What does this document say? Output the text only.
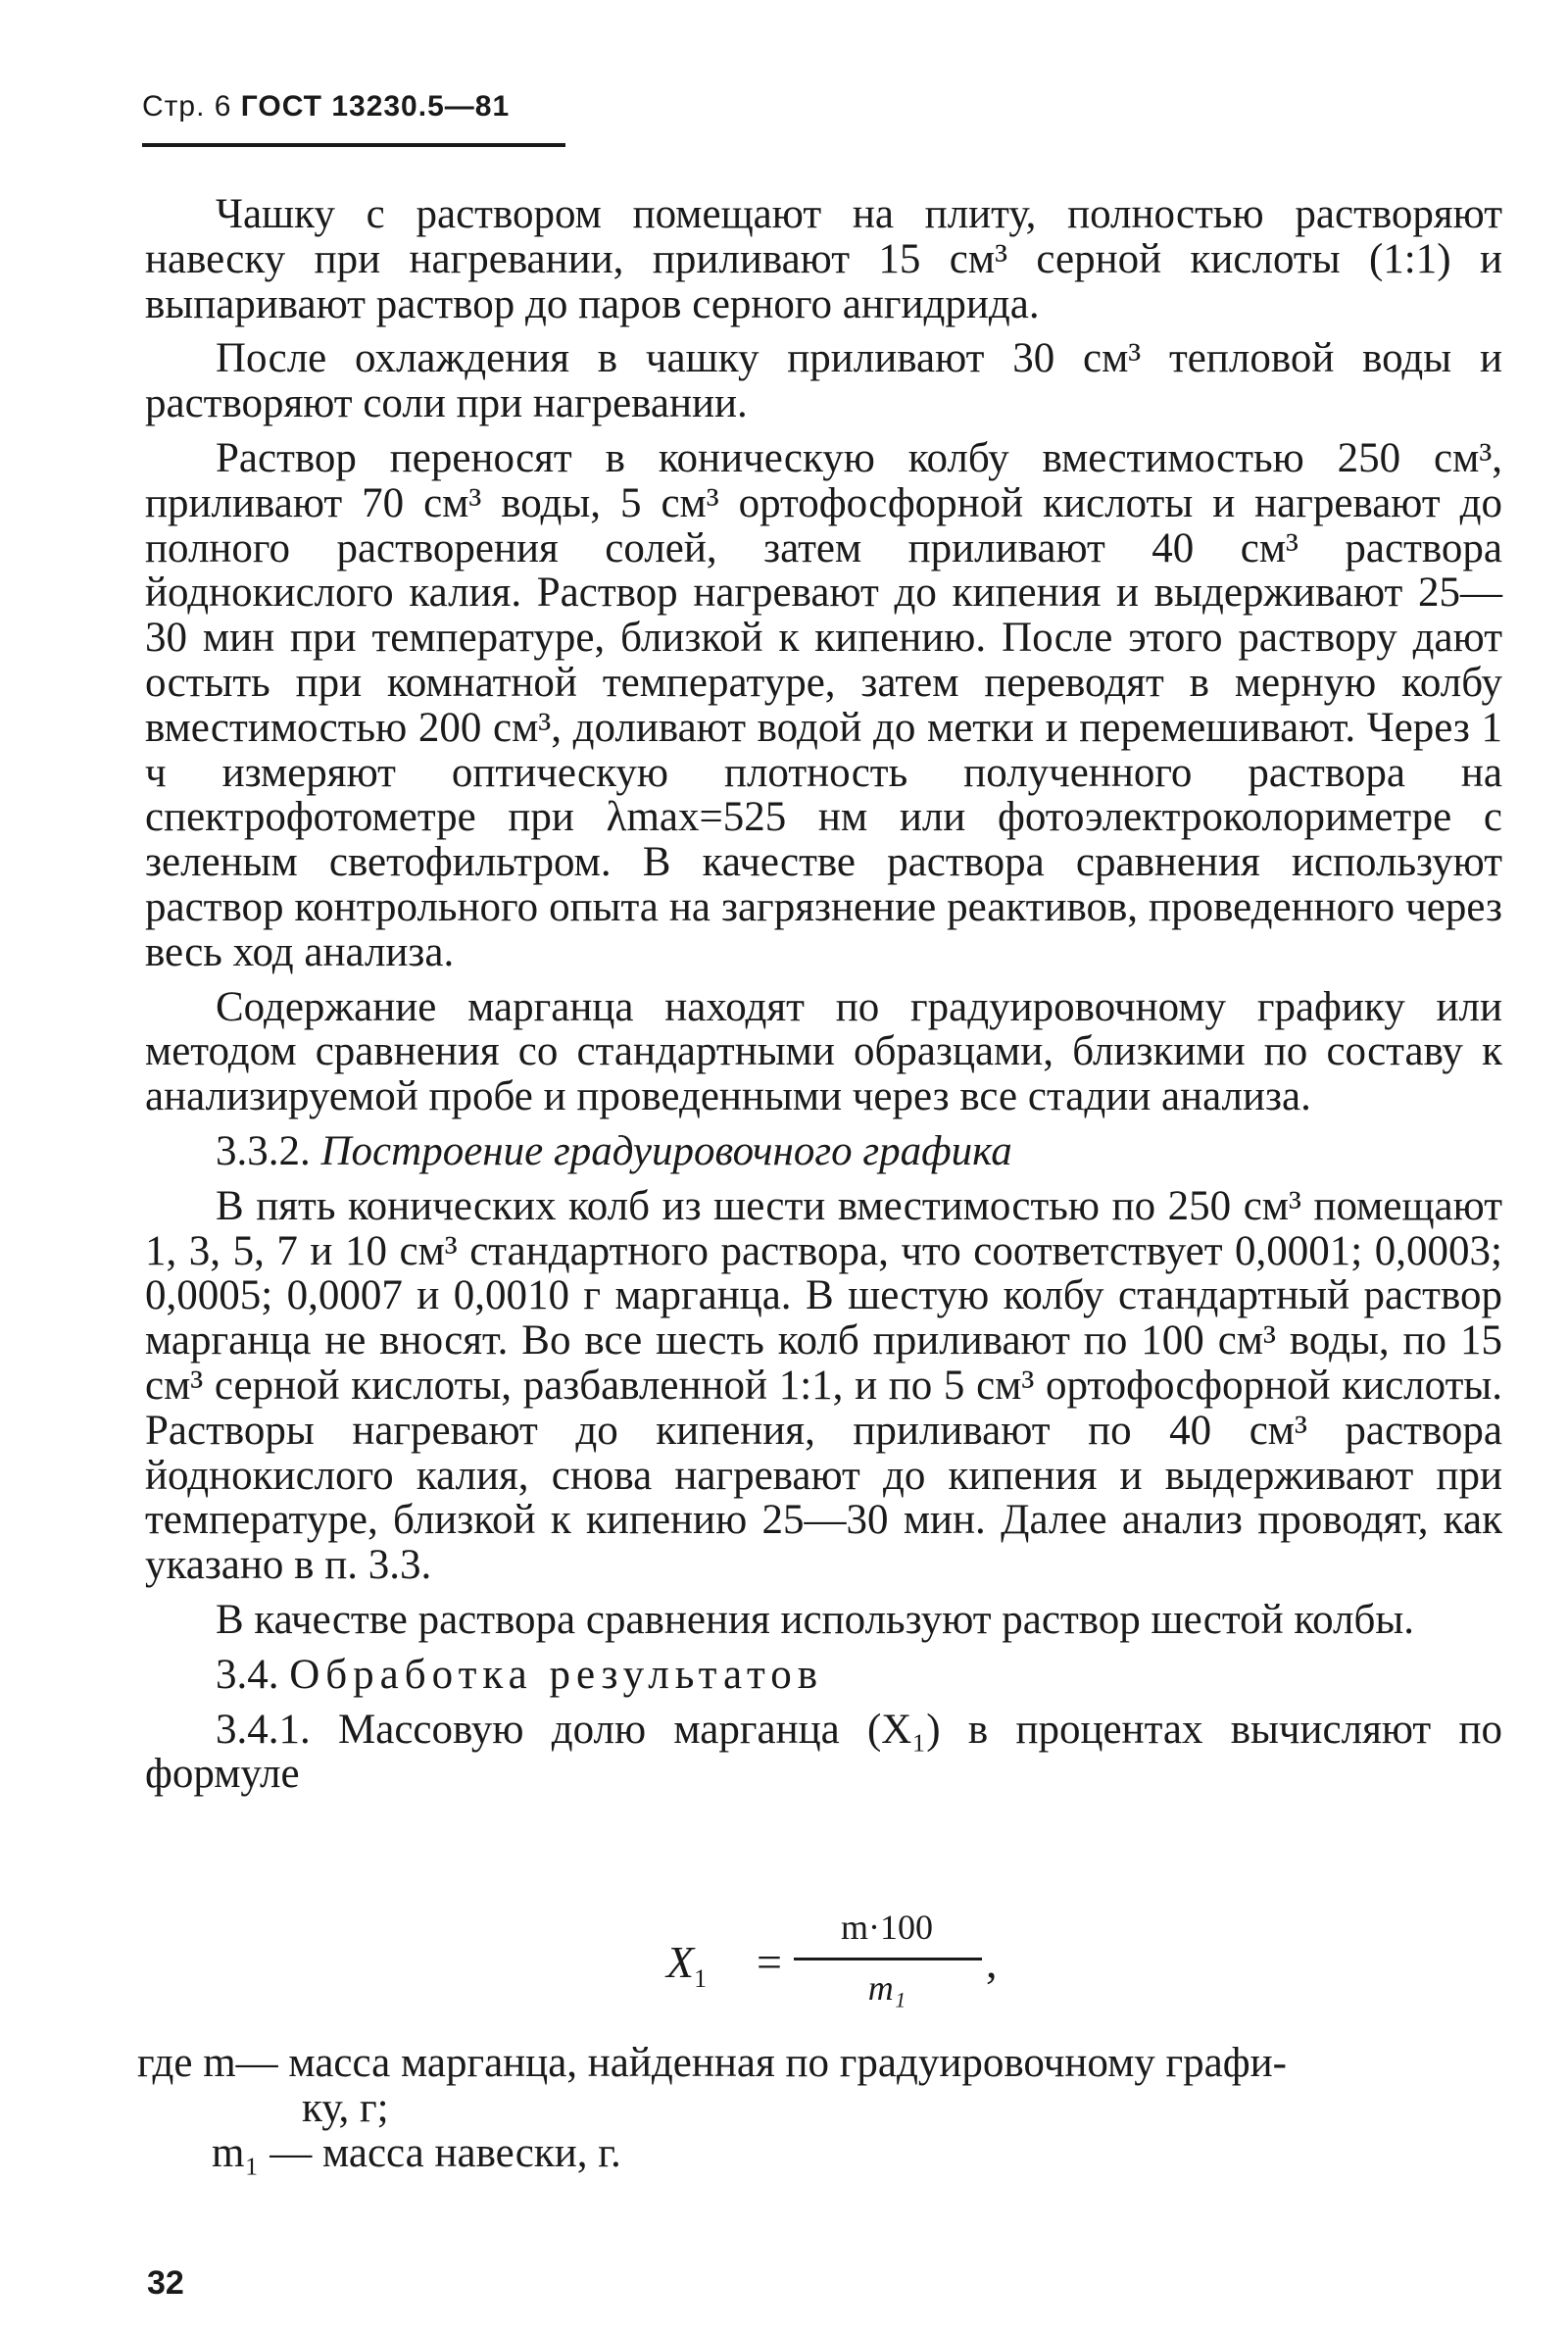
Стр. 6 ГОСТ 13230.5—81

Чашку с раствором помещают на плиту, полностью растворяют навеску при нагревании, приливают 15 см³ серной кислоты (1:1) и выпаривают раствор до паров серного ангидрида.

После охлаждения в чашку приливают 30 см³ тепловой воды и растворяют соли при нагревании.

Раствор переносят в коническую колбу вместимостью 250 см³, приливают 70 см³ воды, 5 см³ ортофосфорной кислоты и нагревают до полного растворения солей, затем приливают 40 см³ раствора йоднокислого калия. Раствор нагревают до кипения и выдерживают 25—30 мин при температуре, близкой к кипению. После этого раствору дают остыть при комнатной температуре, затем переводят в мерную колбу вместимостью 200 см³, доливают водой до метки и перемешивают. Через 1 ч измеряют оптическую плотность полученного раствора на спектрофотометре при λmax=525 нм или фотоэлектроколориметре с зеленым светофильтром. В качестве раствора сравнения используют раствор контрольного опыта на загрязнение реактивов, проведенного через весь ход анализа.

Содержание марганца находят по градуировочному графику или методом сравнения со стандартными образцами, близкими по составу к анализируемой пробе и проведенными через все стадии анализа.

3.3.2. Построение градуировочного графика

В пять конических колб из шести вместимостью по 250 см³ помещают 1, 3, 5, 7 и 10 см³ стандартного раствора, что соответствует 0,0001; 0,0003; 0,0005; 0,0007 и 0,0010 г марганца. В шестую колбу стандартный раствор марганца не вносят. Во все шесть колб приливают по 100 см³ воды, по 15 см³ серной кислоты, разбавленной 1:1, и по 5 см³ ортофосфорной кислоты. Растворы нагревают до кипения, приливают по 40 см³ раствора йоднокислого калия, снова нагревают до кипения и выдерживают при температуре, близкой к кипению 25—30 мин. Далее анализ проводят, как указано в п. 3.3.

В качестве раствора сравнения используют раствор шестой колбы.

3.4. Обработка результатов

3.4.1. Массовую долю марганца (X₁) в процентах вычисляют по формуле

$X_1$ =
m·100
m₁
,
где m— масса марганца, найденная по градуировочному графи-
ку, г;
m₁ — масса навески, г.
32
